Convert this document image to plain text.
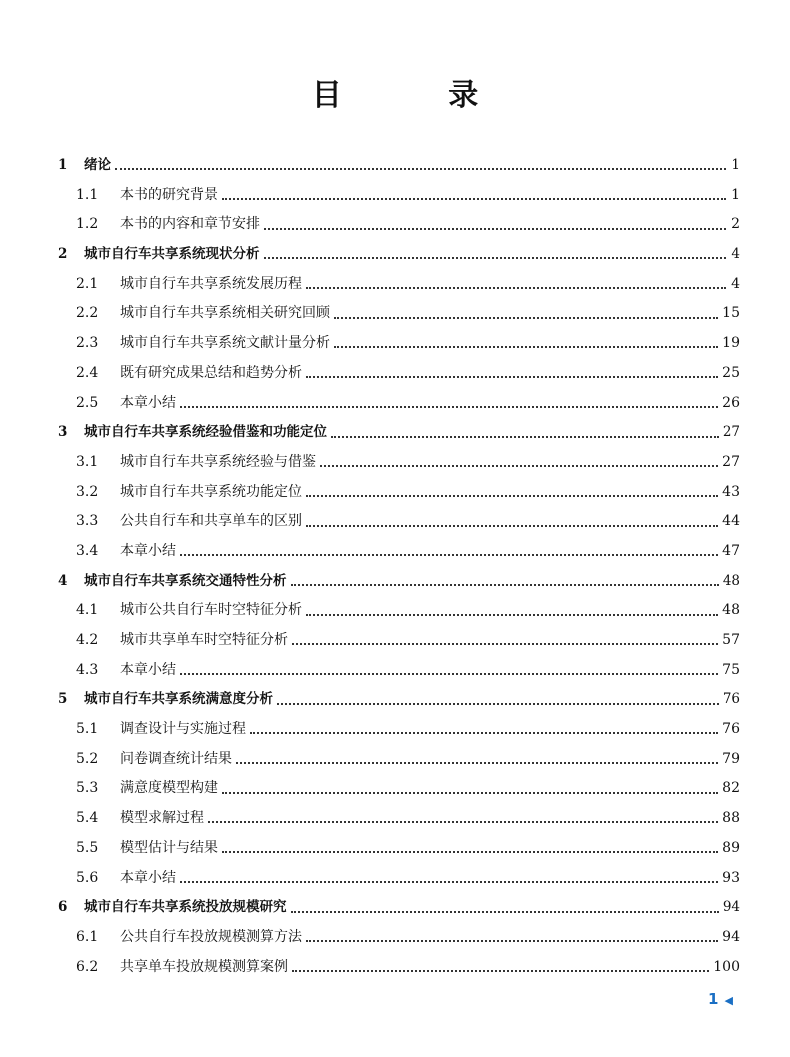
目 录
1	绪论	1
1.1	本书的研究背景	1
1.2	本书的内容和章节安排	2
2	城市自行车共享系统现状分析	4
2.1	城市自行车共享系统发展历程	4
2.2	城市自行车共享系统相关研究回顾	15
2.3	城市自行车共享系统文献计量分析	19
2.4	既有研究成果总结和趋势分析	25
2.5	本章小结	26
3	城市自行车共享系统经验借鉴和功能定位	27
3.1	城市自行车共享系统经验与借鉴	27
3.2	城市自行车共享系统功能定位	43
3.3	公共自行车和共享单车的区别	44
3.4	本章小结	47
4	城市自行车共享系统交通特性分析	48
4.1	城市公共自行车时空特征分析	48
4.2	城市共享单车时空特征分析	57
4.3	本章小结	75
5	城市自行车共享系统满意度分析	76
5.1	调查设计与实施过程	76
5.2	问卷调查统计结果	79
5.3	满意度模型构建	82
5.4	模型求解过程	88
5.5	模型估计与结果	89
5.6	本章小结	93
6	城市自行车共享系统投放规模研究	94
6.1	公共自行车投放规模测算方法	94
6.2	共享单车投放规模测算案例	100
1 ◀
